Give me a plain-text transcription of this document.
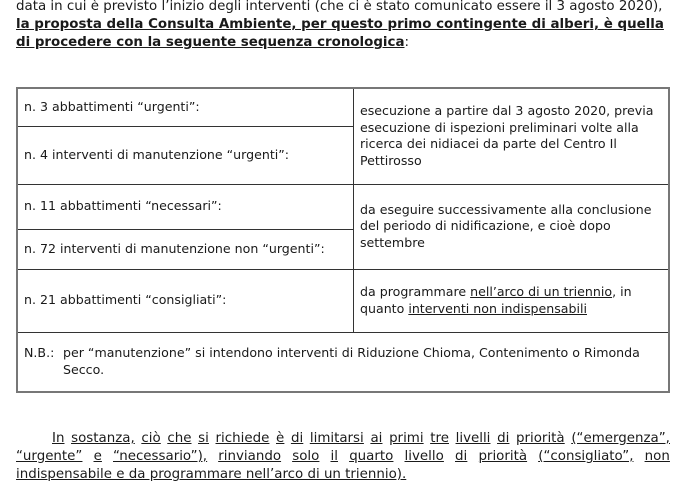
data in cui è previsto l’inizio degli interventi (che ci è stato comunicato essere il 3 agosto 2020),
la proposta della Consulta Ambiente, per questo primo contingente di alberi, è quella
di procedere con la seguente sequenza cronologica:
n. 3 abbattimenti “urgenti”:	esecuzione a partire dal 3 agosto 2020, previa esecuzione di ispezioni preliminari volte alla ricerca dei nidiacei da parte del Centro Il Pettirosso
n. 4 interventi di manutenzione “urgenti”:	
n. 11 abbattimenti “necessari”:	da eseguire successivamente alla conclusione del periodo di nidificazione, e cioè dopo settembre
n. 72 interventi di manutenzione non “urgenti”:	
n. 21 abbattimenti “consigliati”:	da programmare nell’arco di un triennio, in quanto interventi non indispensabili

N.B.: per “manutenzione” si intendono interventi di Riduzione Chioma, Contenimento o Rimonda Secco.	
In sostanza, ciò che si richiede è di limitarsi ai primi tre livelli di priorità (“emergenza”,
“urgente” e “necessario”), rinviando solo il quarto livello di priorità (“consigliato”, non
indispensabile e da programmare nell’arco di un triennio).
